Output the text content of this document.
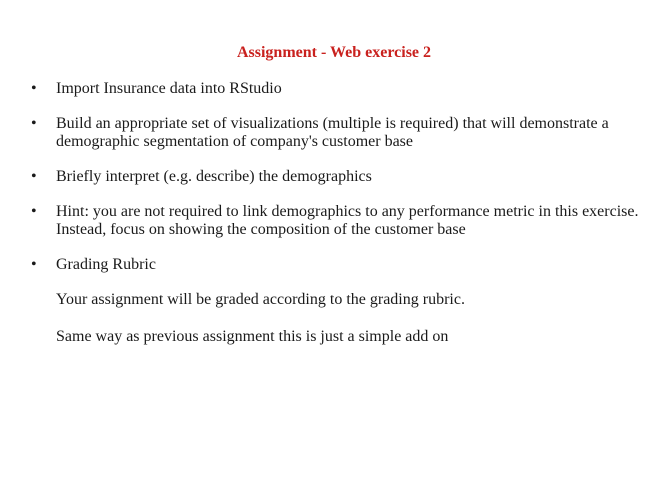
Assignment - Web exercise 2
• Import Insurance data into RStudio
• Build an appropriate set of visualizations (multiple is required) that will demonstrate a demographic segmentation of company's customer base
• Briefly interpret (e.g. describe) the demographics
• Hint: you are not required to link demographics to any performance metric in this exercise. Instead, focus on showing the composition of the customer base
• Grading Rubric
Your assignment will be graded according to the grading rubric.
Same way as previous assignment this is just a simple add on
